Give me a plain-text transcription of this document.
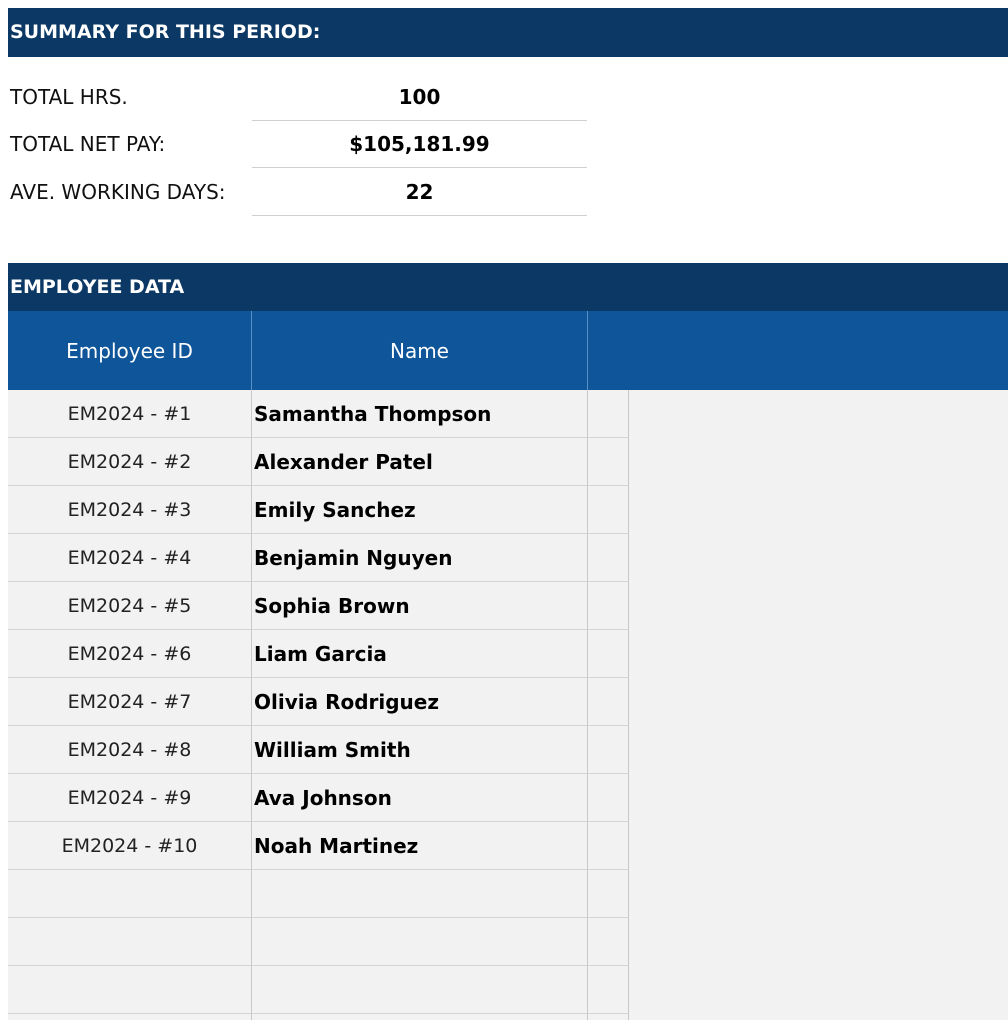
SUMMARY FOR THIS PERIOD:
TOTAL HRS.	100
TOTAL NET PAY:	$105,181.99
AVE. WORKING DAYS:	22
EMPLOYEE DATA
Employee ID	Name
EM2024 - #1	Samantha Thompson
EM2024 - #2	Alexander Patel
EM2024 - #3	Emily Sanchez
EM2024 - #4	Benjamin Nguyen
EM2024 - #5	Sophia Brown
EM2024 - #6	Liam Garcia
EM2024 - #7	Olivia Rodriguez
EM2024 - #8	William Smith
EM2024 - #9	Ava Johnson
EM2024 - #10	Noah Martinez
